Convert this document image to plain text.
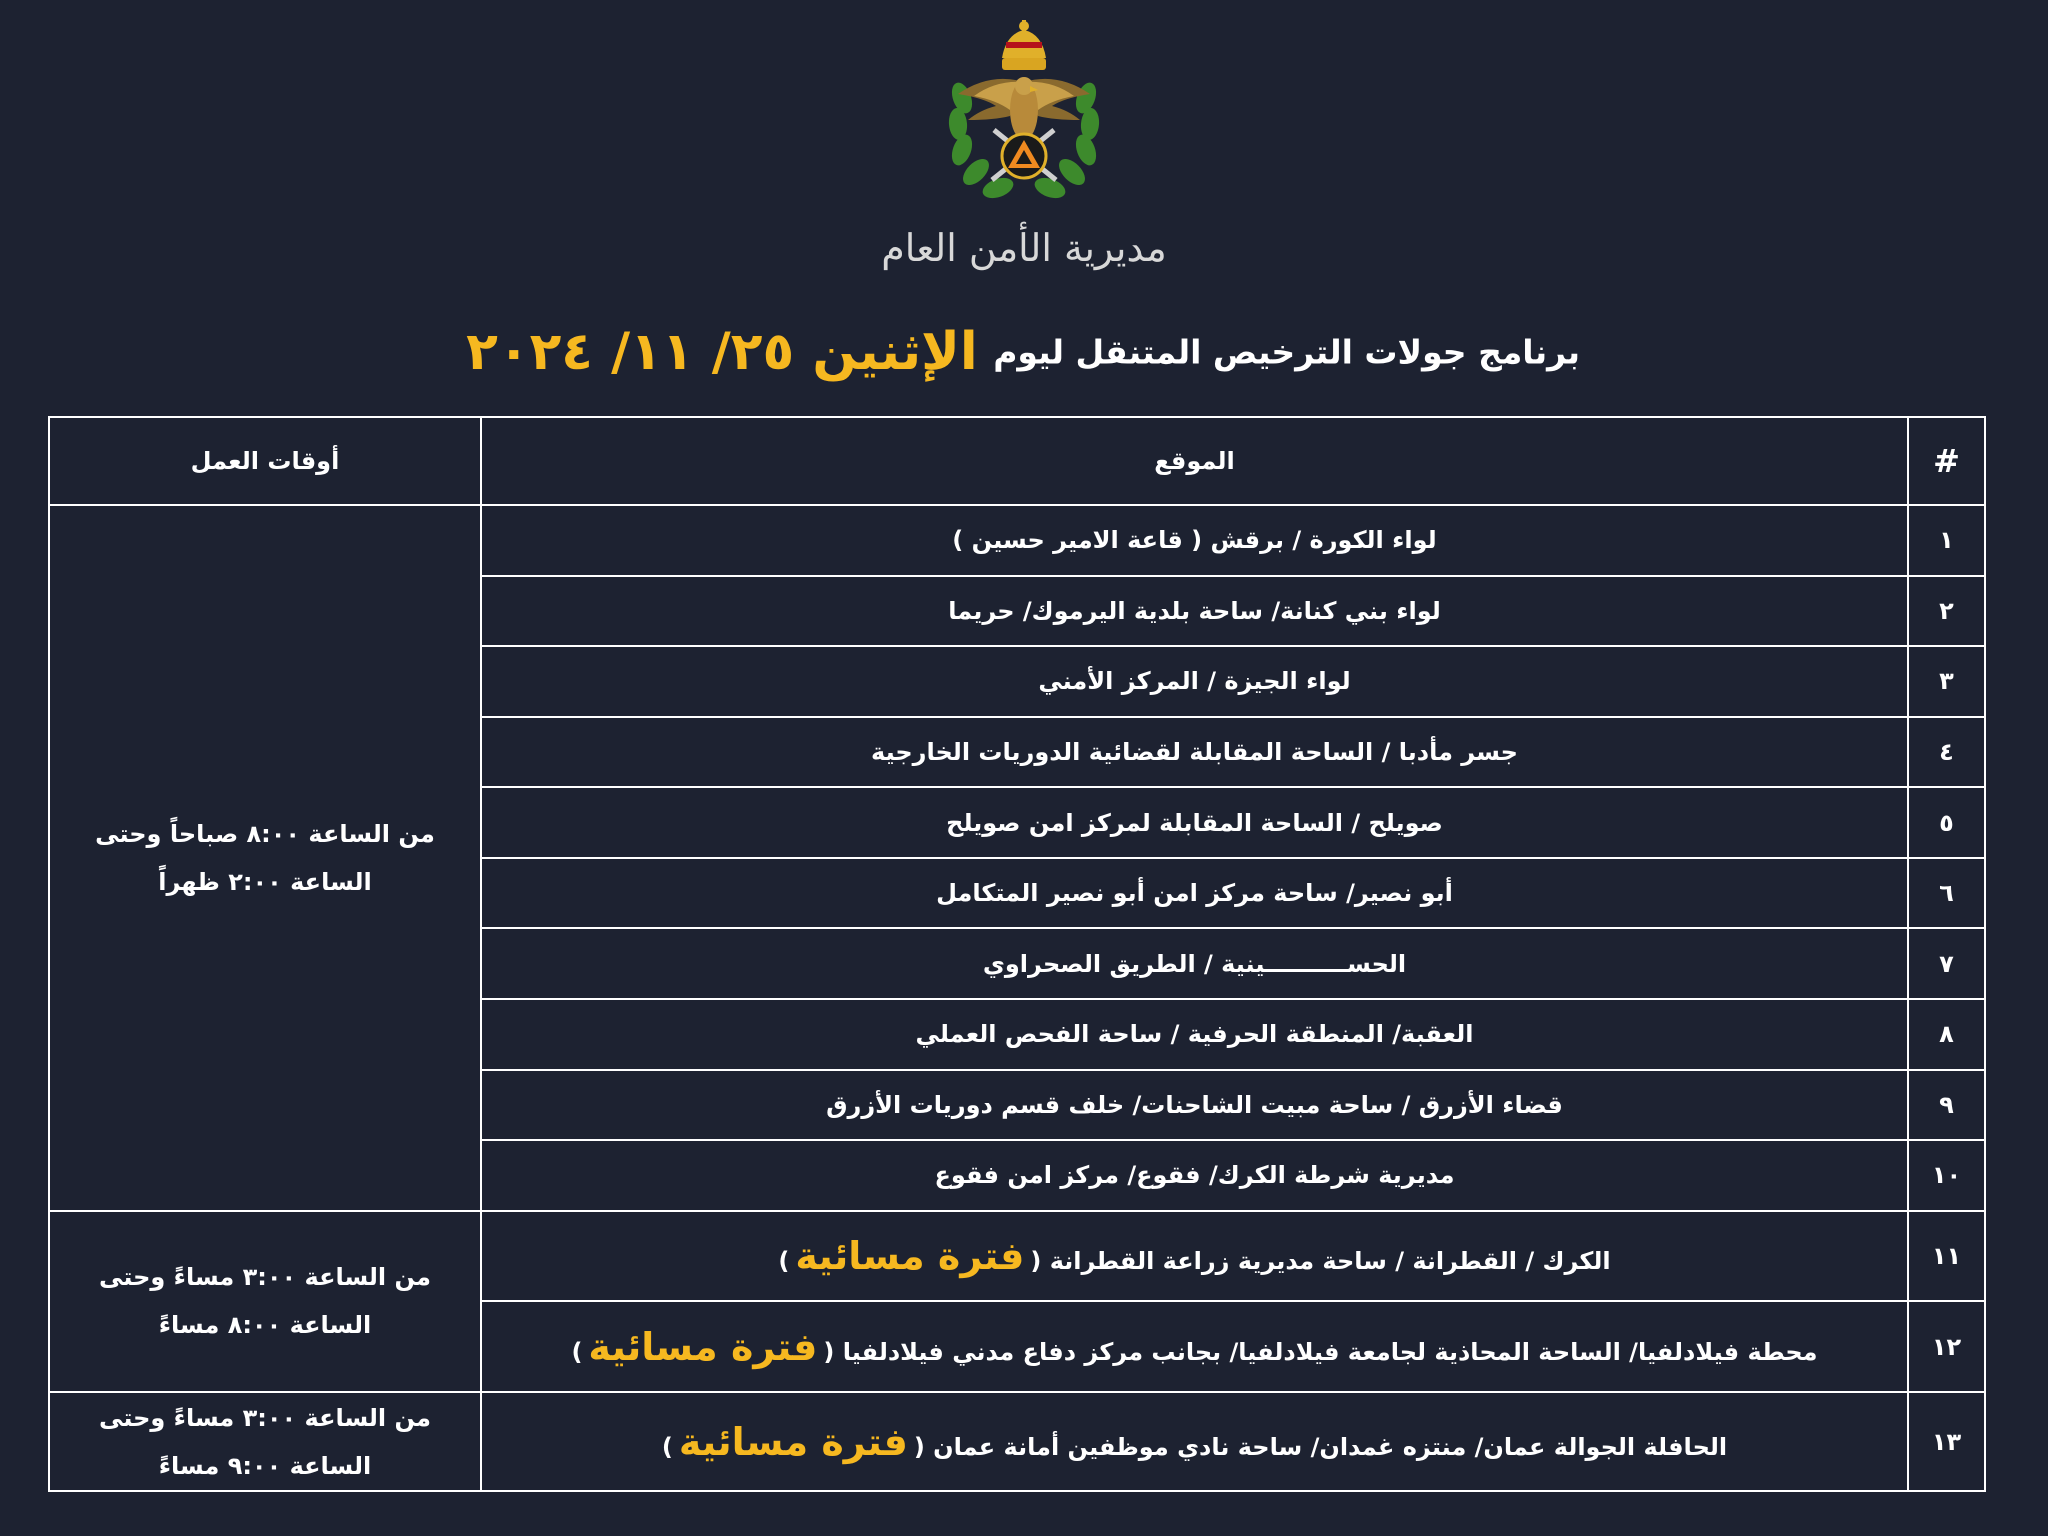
مديرية الأمن العام
برنامج جولات الترخيص المتنقل ليوم الإثنين ٢٥/ ١١/ ٢٠٢٤
#	الموقع	أوقات العمل
١	لواء الكورة / برقش ( قاعة الامير حسين )	من الساعة ٨:٠٠ صباحاً وحتى
الساعة ٢:٠٠ ظهراً

٢	لواء بني كنانة/ ساحة بلدية اليرموك/ حريما	
٣	لواء الجيزة / المركز الأمني	
٤	جسر مأدبا / الساحة المقابلة لقضائية الدوريات الخارجية	
٥	صويلح / الساحة المقابلة لمركز امن صويلح	
٦	أبو نصير/ ساحة مركز امن أبو نصير المتكامل	
٧	الحســــــــــينية / الطريق الصحراوي	
٨	العقبة/ المنطقة الحرفية / ساحة الفحص العملي	
٩	قضاء الأزرق / ساحة مبيت الشاحنات/ خلف قسم دوريات الأزرق	
١٠	مديرية شرطة الكرك/ فقوع/ مركز امن فقوع	
١١	الكرك / القطرانة / ساحة مديرية زراعة القطرانة (فترة مسائية)	من الساعة ٣:٠٠ مساءً وحتى
الساعة ٨:٠٠ مساءً

١٢	محطة فيلادلفيا/ الساحة المحاذية لجامعة فيلادلفيا/ بجانب مركز دفاع مدني فيلادلفيا (فترة مسائية)	
١٣	الحافلة الجوالة عمان/ منتزه غمدان/ ساحة نادي موظفين أمانة عمان (فترة مسائية)	من الساعة ٣:٠٠ مساءً وحتى
الساعة ٩:٠٠ مساءً
